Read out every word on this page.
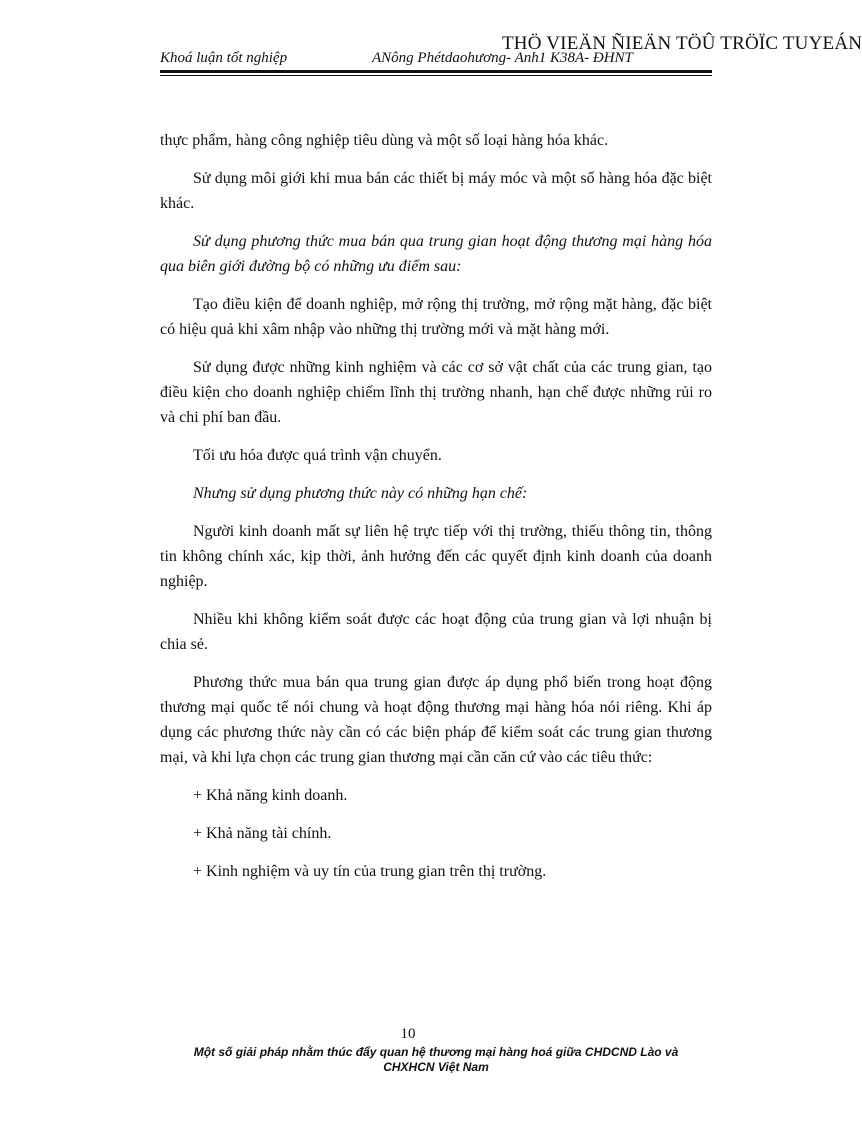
Khoá luận tốt nghiệp	ANông Phétdaohương- Anh1 K38A- ĐHNT
THÖ VIEÄN ÑIEÄN TÖÛ TRÖÏC TUYEÁN

thực phẩm, hàng công nghiệp tiêu dùng và một số loại hàng hóa khác.

Sử dụng môi giới khi mua bán các thiết bị máy móc và một số hàng hóa đặc biệt khác.

Sử dụng phương thức mua bán qua trung gian hoạt động thương mại hàng hóa qua biên giới đường bộ có những ưu điểm sau:

Tạo điều kiện để doanh nghiệp, mở rộng thị trường, mở rộng mặt hàng, đặc biệt có hiệu quả khi xâm nhập vào những thị trường mới và mặt hàng mới.

Sử dụng được những kinh nghiệm và các cơ sở vật chất của các trung gian, tạo điều kiện cho doanh nghiệp chiếm lĩnh thị trường nhanh, hạn chế được những rủi ro và chi phí ban đầu.

Tối ưu hóa được quá trình vận chuyển.

Nhưng sử dụng phương thức này có những hạn chế:

Người kinh doanh mất sự liên hệ trực tiếp với thị trường, thiếu thông tin, thông tin không chính xác, kịp thời, ảnh hưởng đến các quyết định kinh doanh của doanh nghiệp.

Nhiều khi không kiểm soát được các hoạt động của trung gian và lợi nhuận bị chia sẻ.

Phương thức mua bán qua trung gian được áp dụng phổ biến trong hoạt động thương mại quốc tế nói chung và hoạt động thương mại hàng hóa nói riêng. Khi áp dụng các phương thức này cần có các biện pháp để kiểm soát các trung gian thương mại, và khi lựa chọn các trung gian thương mại cần căn cứ vào các tiêu thức:

+ Khả năng kinh doanh.

+ Khả năng tài chính.

+ Kinh nghiệm và uy tín của trung gian trên thị trường.

10
Một số giải pháp nhằm thúc đẩy quan hệ thương mại hàng hoá giữa CHDCND Lào và
CHXHCN Việt Nam
